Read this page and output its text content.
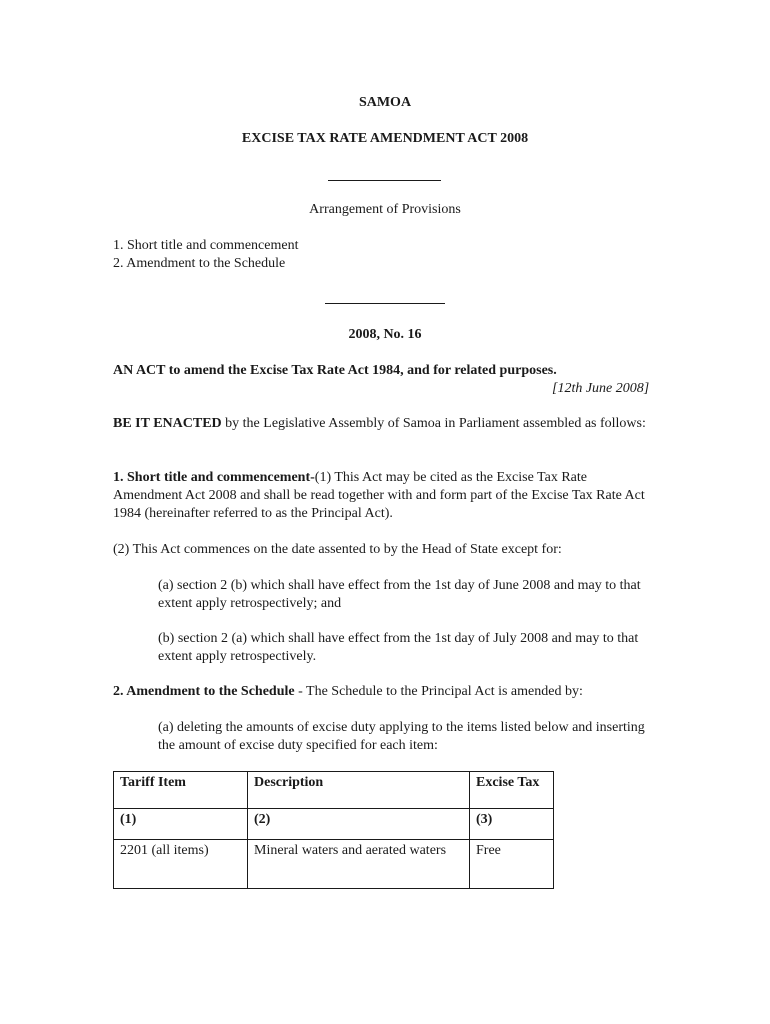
SAMOA
EXCISE TAX RATE AMENDMENT ACT 2008
Arrangement of Provisions
1. Short title and commencement
2. Amendment to the Schedule
2008, No. 16
AN ACT to amend the Excise Tax Rate Act 1984, and for related purposes.
[12th June 2008]
BE IT ENACTED by the Legislative Assembly of Samoa in Parliament assembled as follows:
1. Short title and commencement-(1) This Act may be cited as the Excise Tax Rate Amendment Act 2008 and shall be read together with and form part of the Excise Tax Rate Act 1984 (hereinafter referred to as the Principal Act).
(2) This Act commences on the date assented to by the Head of State except for:
(a) section 2 (b) which shall have effect from the 1st day of June 2008 and may to that extent apply retrospectively; and
(b) section 2 (a) which shall have effect from the 1st day of July 2008 and may to that extent apply retrospectively.
2. Amendment to the Schedule - The Schedule to the Principal Act is amended by:
(a) deleting the amounts of excise duty applying to the items listed below and inserting the amount of excise duty specified for each item:
Tariff Item	Description	Excise Tax
(1)	(2)	(3)
2201 (all items)	Mineral waters and aerated waters	Free
